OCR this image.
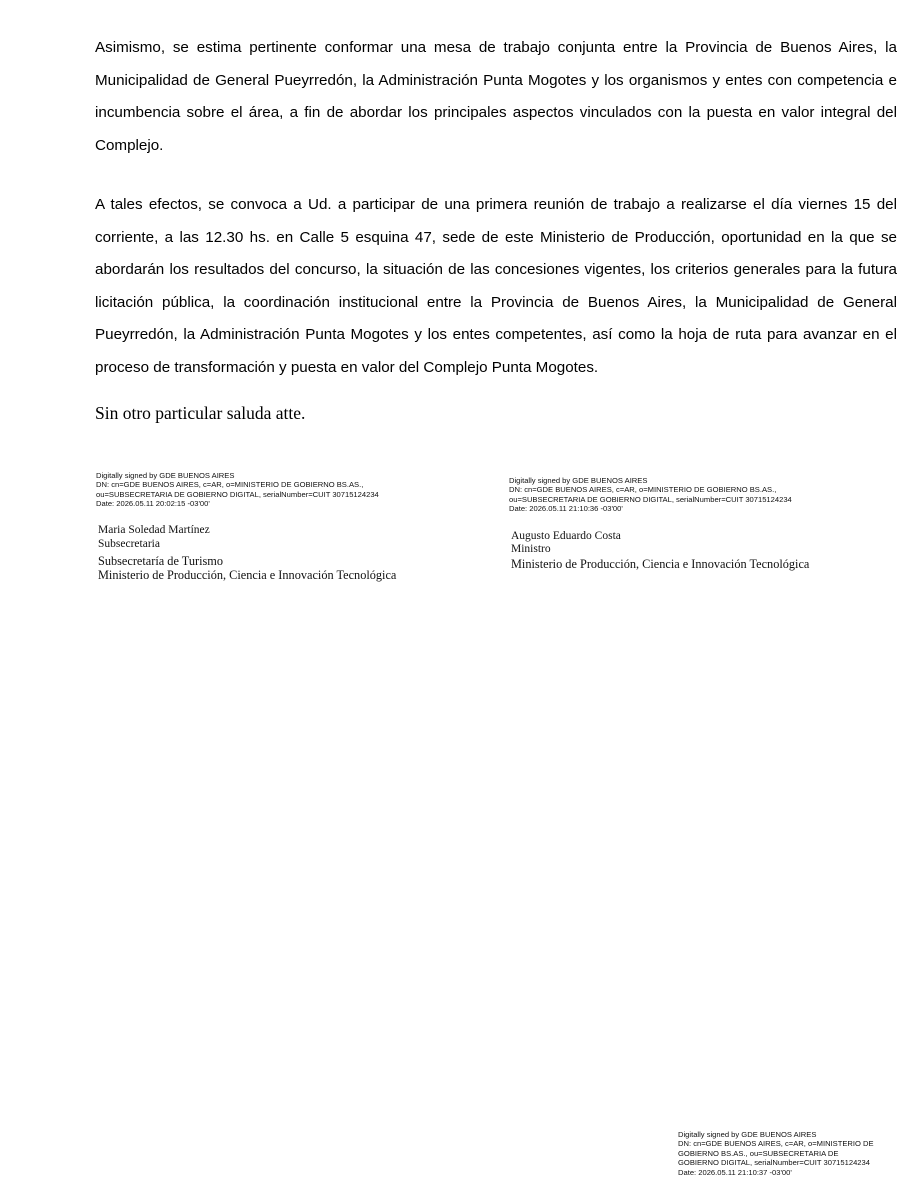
Asimismo, se estima pertinente conformar una mesa de trabajo conjunta entre la Provincia de Buenos Aires, la Municipalidad de General Pueyrredón, la Administración Punta Mogotes y los organismos y entes con competencia e incumbencia sobre el área, a fin de abordar los principales aspectos vinculados con la puesta en valor integral del Complejo.

A tales efectos, se convoca a Ud. a participar de una primera reunión de trabajo a realizarse el día viernes 15 del corriente, a las 12.30 hs. en Calle 5 esquina 47, sede de este Ministerio de Producción, oportunidad en la que se abordarán los resultados del concurso, la situación de las concesiones vigentes, los criterios generales para la futura licitación pública, la coordinación institucional entre la Provincia de Buenos Aires, la Municipalidad de General Pueyrredón, la Administración Punta Mogotes y los entes competentes, así como la hoja de ruta para avanzar en el proceso de transformación y puesta en valor del Complejo Punta Mogotes.

Sin otro particular saluda atte.

Digitally signed by GDE BUENOS AIRES
DN: cn=GDE BUENOS AIRES, c=AR, o=MINISTERIO DE GOBIERNO BS.AS.,
ou=SUBSECRETARIA DE GOBIERNO DIGITAL, serialNumber=CUIT 30715124234
Date: 2026.05.11 20:02:15 -03'00'
Maria Soledad Martínez
Subsecretaria
Subsecretaría de Turismo
Ministerio de Producción, Ciencia e Innovación Tecnológica
Digitally signed by GDE BUENOS AIRES
DN: cn=GDE BUENOS AIRES, c=AR, o=MINISTERIO DE GOBIERNO BS.AS.,
ou=SUBSECRETARIA DE GOBIERNO DIGITAL, serialNumber=CUIT 30715124234
Date: 2026.05.11 21:10:36 -03'00'
Augusto Eduardo Costa
Ministro
Ministerio de Producción, Ciencia e Innovación Tecnológica
Digitally signed by GDE BUENOS AIRES
DN: cn=GDE BUENOS AIRES, c=AR, o=MINISTERIO DE
GOBIERNO BS.AS., ou=SUBSECRETARIA DE
GOBIERNO DIGITAL, serialNumber=CUIT 30715124234
Date: 2026.05.11 21:10:37 -03'00'
